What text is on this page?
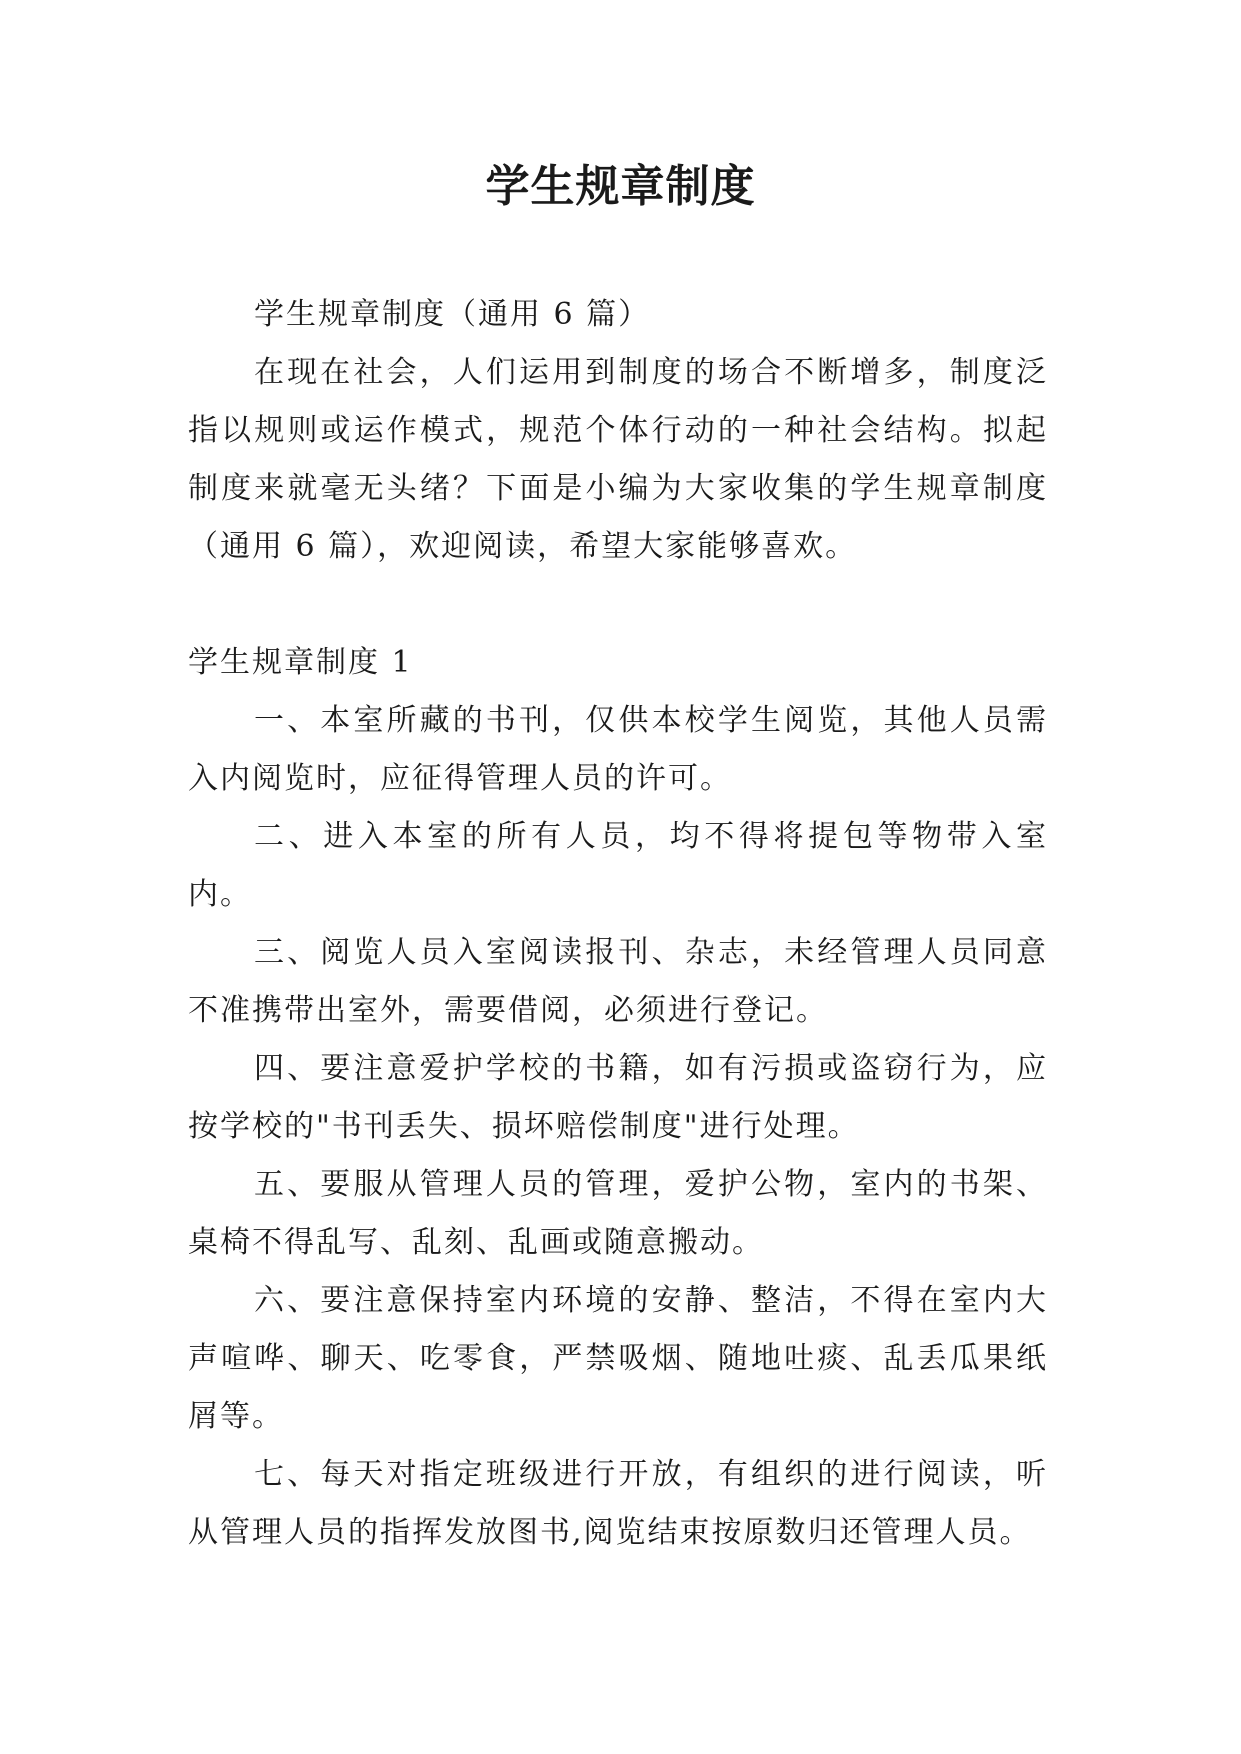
学生规章制度

学生规章制度（通用 6 篇）

在现在社会，人们运用到制度的场合不断增多，制度泛指以规则或运作模式，规范个体行动的一种社会结构。拟起制度来就毫无头绪？下面是小编为大家收集的学生规章制度（通用 6 篇），欢迎阅读，希望大家能够喜欢。

学生规章制度 1

一、本室所藏的书刊，仅供本校学生阅览，其他人员需入内阅览时，应征得管理人员的许可。

二、进入本室的所有人员，均不得将提包等物带入室内。

三、阅览人员入室阅读报刊、杂志，未经管理人员同意不准携带出室外，需要借阅，必须进行登记。

四、要注意爱护学校的书籍，如有污损或盗窃行为，应按学校的"书刊丢失、损坏赔偿制度"进行处理。

五、要服从管理人员的管理，爱护公物，室内的书架、桌椅不得乱写、乱刻、乱画或随意搬动。

六、要注意保持室内环境的安静、整洁，不得在室内大声喧哗、聊天、吃零食，严禁吸烟、随地吐痰、乱丢瓜果纸屑等。

七、每天对指定班级进行开放，有组织的进行阅读，听从管理人员的指挥发放图书,阅览结束按原数归还管理人员。
